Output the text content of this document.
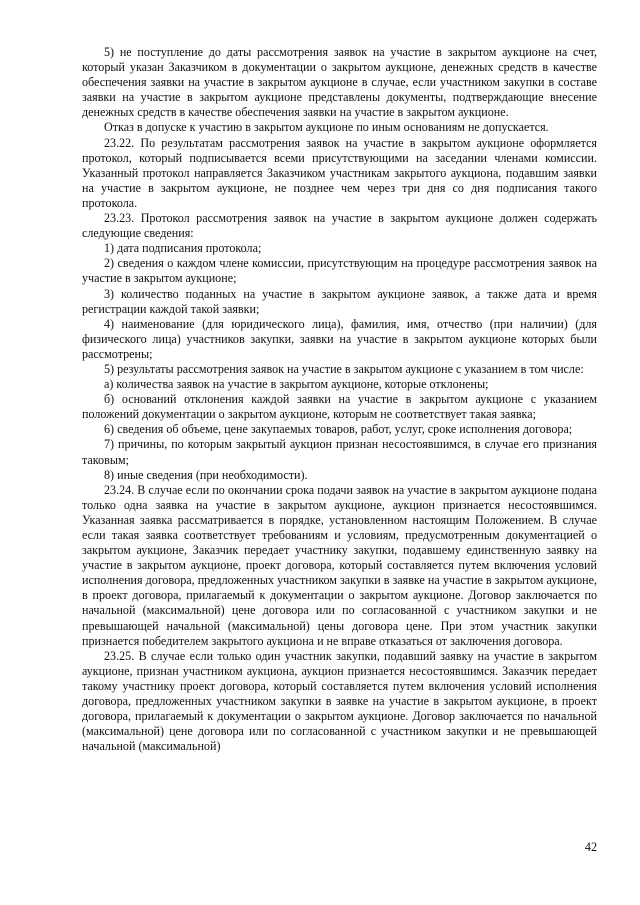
5) не поступление до даты рассмотрения заявок на участие в закрытом аукционе на счет, который указан Заказчиком в документации о закрытом аукционе, денежных средств в качестве обеспечения заявки на участие в закрытом аукционе в случае, если участником закупки в составе заявки на участие в закрытом аукционе представлены документы, подтверждающие внесение денежных средств в качестве обеспечения заявки на участие в закрытом аукционе.

Отказ в допуске к участию в закрытом аукционе по иным основаниям не допускается.

23.22. По результатам рассмотрения заявок на участие в закрытом аукционе оформляется протокол, который подписывается всеми присутствующими на заседании членами комиссии. Указанный протокол направляется Заказчиком участникам закрытого аукциона, подавшим заявки на участие в закрытом аукционе, не позднее чем через три дня со дня подписания такого протокола.

23.23. Протокол рассмотрения заявок на участие в закрытом аукционе должен содержать следующие сведения:

1) дата подписания протокола;

2) сведения о каждом члене комиссии, присутствующим на процедуре рассмотрения заявок на участие в закрытом аукционе;

3) количество поданных на участие в закрытом аукционе заявок, а также дата и время регистрации каждой такой заявки;

4) наименование (для юридического лица), фамилия, имя, отчество (при наличии) (для физического лица) участников закупки, заявки на участие в закрытом аукционе которых были рассмотрены;

5) результаты рассмотрения заявок на участие в закрытом аукционе с указанием в том числе:

а) количества заявок на участие в закрытом аукционе, которые отклонены;

б) оснований отклонения каждой заявки на участие в закрытом аукционе с указанием положений документации о закрытом аукционе, которым не соответствует такая заявка;

6) сведения об объеме, цене закупаемых товаров, работ, услуг, сроке исполнения договора;

7) причины, по которым закрытый аукцион признан несостоявшимся, в случае его признания таковым;

8) иные сведения (при необходимости).

23.24. В случае если по окончании срока подачи заявок на участие в закрытом аукционе подана только одна заявка на участие в закрытом аукционе, аукцион признается несостоявшимся. Указанная заявка рассматривается в порядке, установленном настоящим Положением. В случае если такая заявка соответствует требованиям и условиям, предусмотренным документацией о закрытом аукционе, Заказчик передает участнику закупки, подавшему единственную заявку на участие в закрытом аукционе, проект договора, который составляется путем включения условий исполнения договора, предложенных участником закупки в заявке на участие в закрытом аукционе, в проект договора, прилагаемый к документации о закрытом аукционе. Договор заключается по начальной (максимальной) цене договора или по согласованной с участником закупки и не превышающей начальной (максимальной) цены договора цене. При этом участник закупки признается победителем закрытого аукциона и не вправе отказаться от заключения договора.

23.25. В случае если только один участник закупки, подавший заявку на участие в закрытом аукционе, признан участником аукциона, аукцион признается несостоявшимся. Заказчик передает такому участнику проект договора, который составляется путем включения условий исполнения договора, предложенных участником закупки в заявке на участие в закрытом аукционе, в проект договора, прилагаемый к документации о закрытом аукционе. Договор заключается по начальной (максимальной) цене договора или по согласованной с участником закупки и не превышающей начальной (максимальной)

42
